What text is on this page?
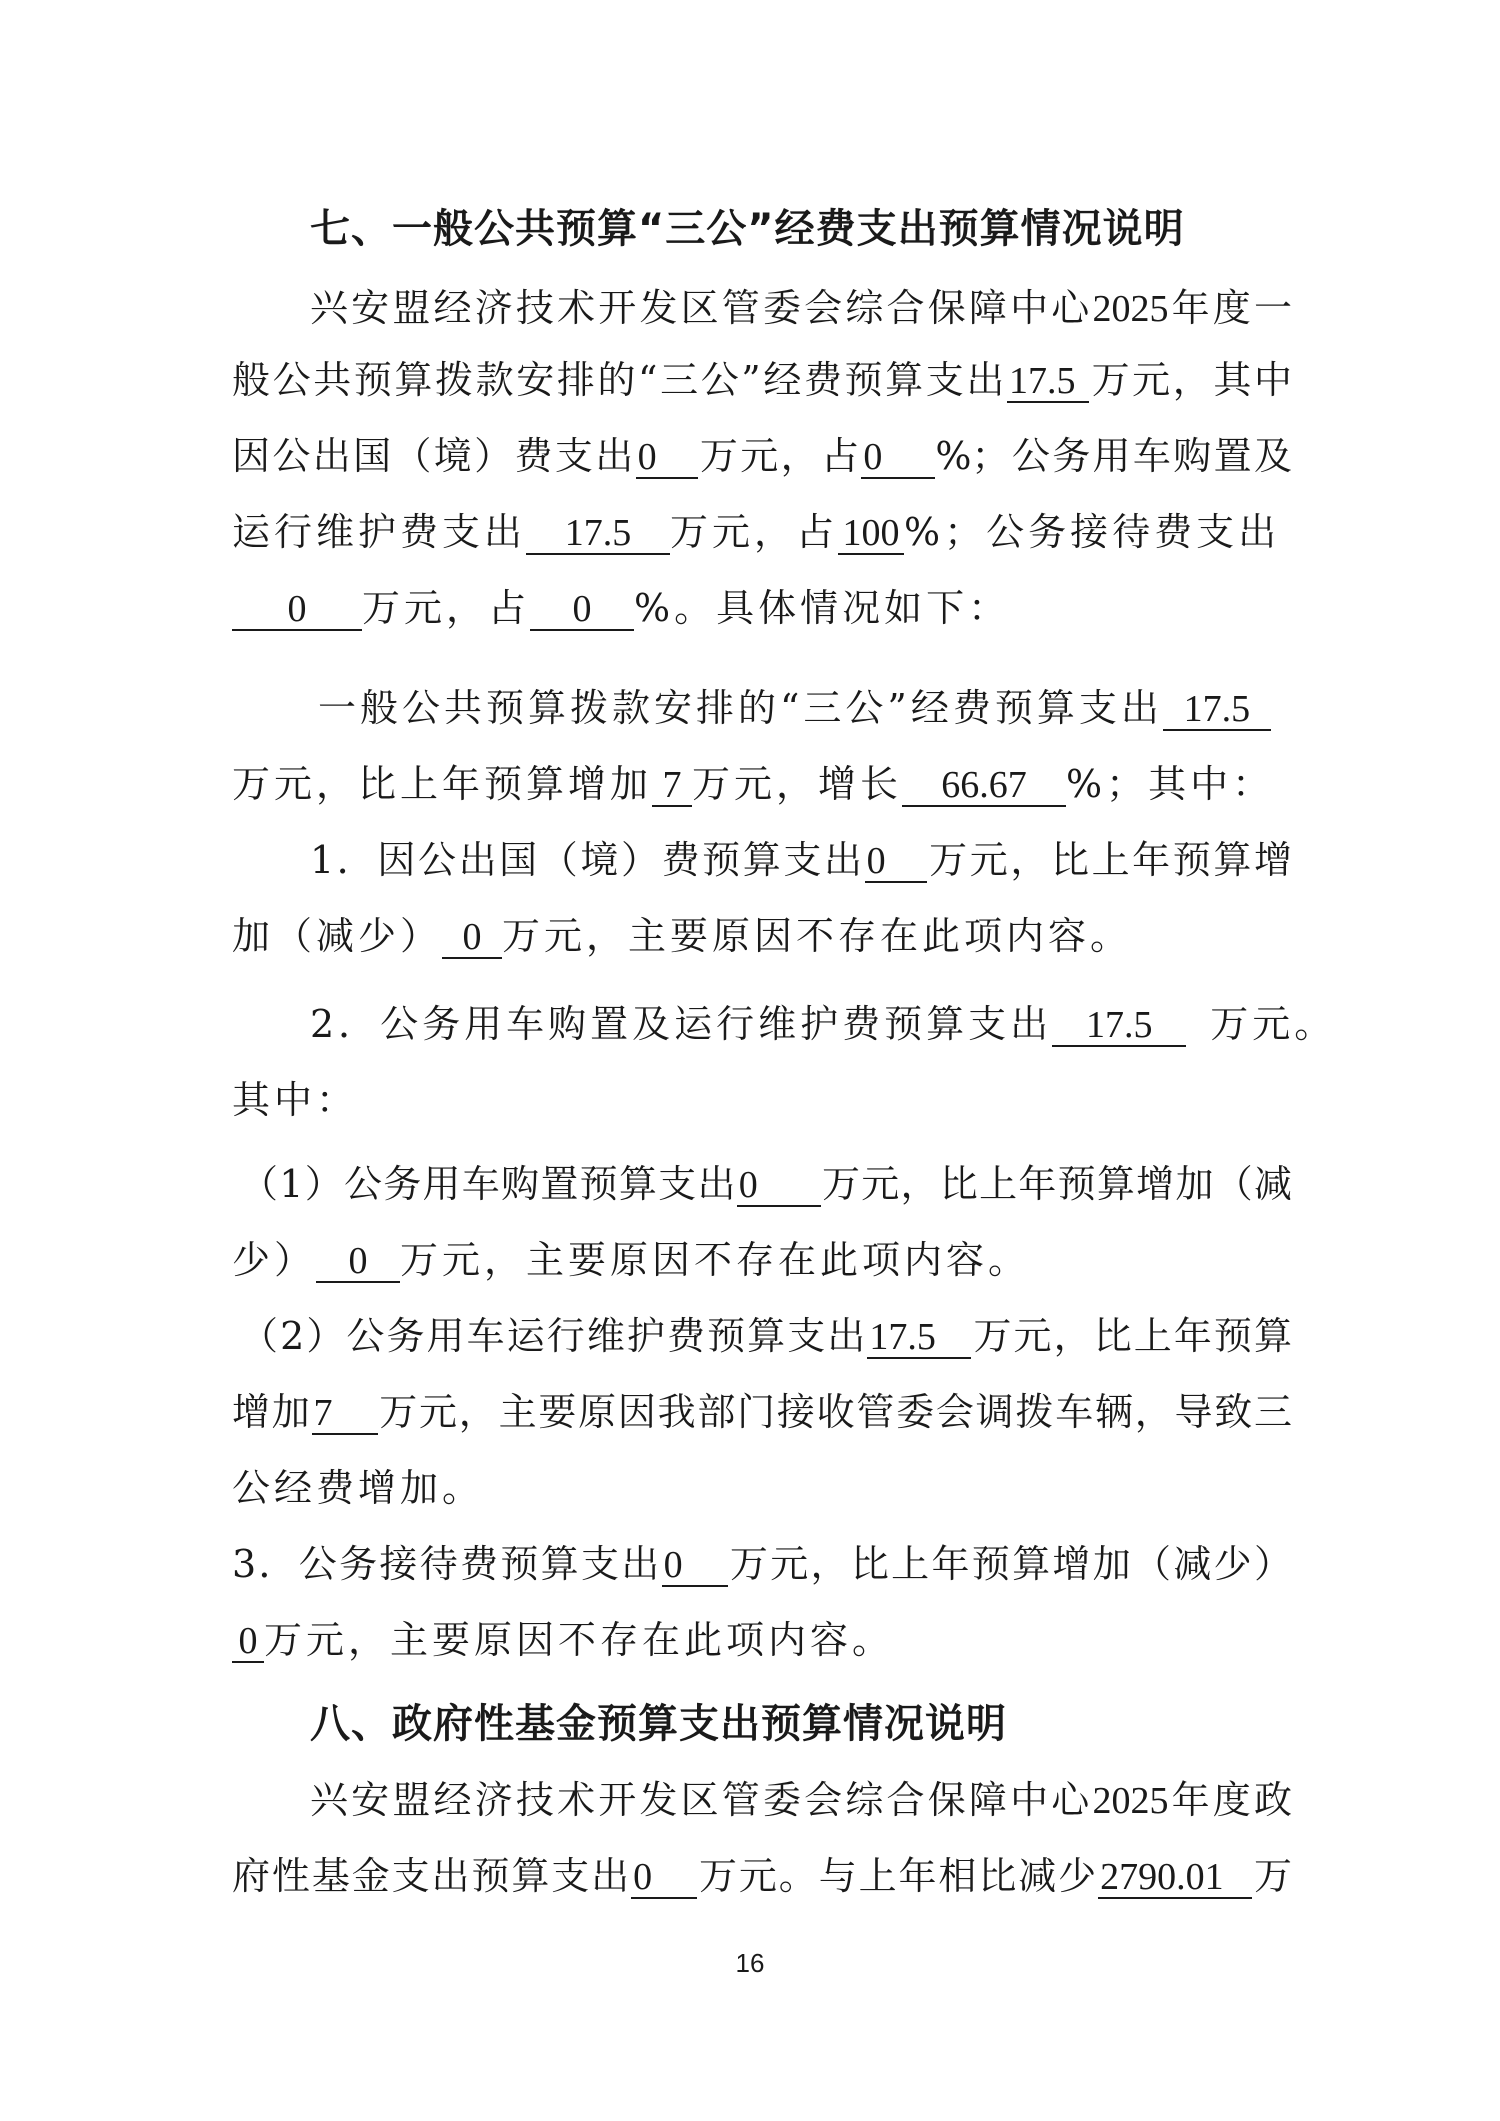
七、一般公共预算“三公”经费支出预算情况说明
兴安盟经济技术开发区管委会综合保障中心2025年度一
般公共预算拨款安排的“三公”经费预算支出17.5 万元，其中
因公出国（境）费支出0 万元，占0 %；公务用车购置及
运行维护费支出 17.5 万元，占 100 %；公务接待费支出
0 万元，占 0 %。具体情况如下：
一般公共预算拨款安排的“三公”经费预算支出 17.5
万元，比上年预算增加 7 万元，增长 66.67 %；其中：
1．因公出国（境）费预算支出0 万元，比上年预算增
加（减少） 0 万元，主要原因不存在此项内容。
2．公务用车购置及运行维护费预算支出 17.5 万元。
其中：
（1）公务用车购置预算支出0 万元，比上年预算增加（减
少） 0 万元，主要原因不存在此项内容。
（2）公务用车运行维护费预算支出17.5 万元，比上年预算
增加7 万元，主要原因我部门接收管委会调拨车辆，导致三
公经费增加。
3．公务接待费预算支出0 万元，比上年预算增加（减少）
0 万元，主要原因不存在此项内容。
八、政府性基金预算支出预算情况说明
兴安盟经济技术开发区管委会综合保障中心2025年度政
府性基金支出预算支出0 万元。与上年相比减少2790.01 万
16
